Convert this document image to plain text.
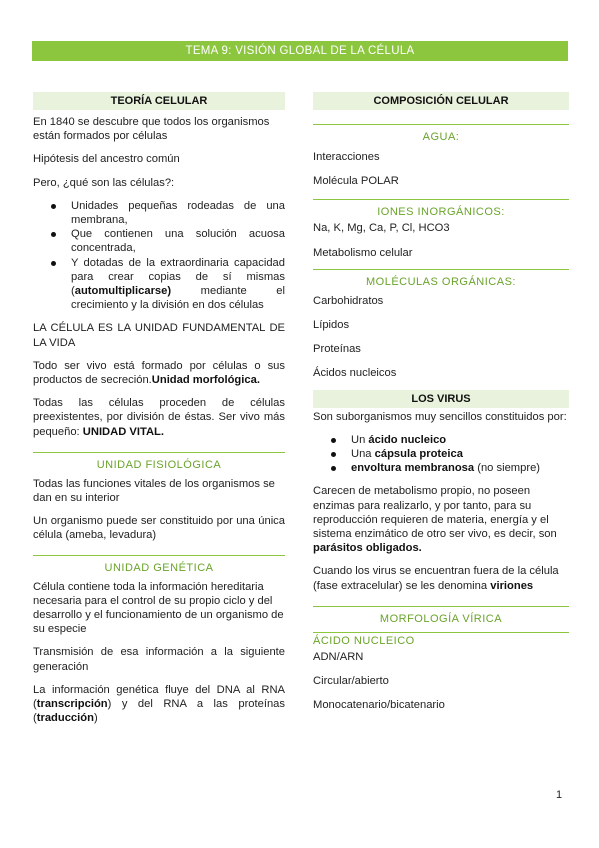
TEMA 9: VISIÓN GLOBAL DE LA CÉLULA
TEORÍA CELULAR

En 1840 se descubre que todos los organismos están formados por células

Hipótesis del ancestro común

Pero, ¿qué son las células?:

Unidades pequeñas rodeadas de una membrana,
Que contienen una solución acuosa concentrada,
Y dotadas de la extraordinaria capacidad para crear copias de sí mismas (automultiplicarse) mediante el crecimiento y la división en dos células

LA CÉLULA ES LA UNIDAD FUNDAMENTAL DE LA VIDA

Todo ser vivo está formado por células o sus productos de secreción.Unidad morfológica.

Todas las células proceden de células preexistentes, por división de éstas. Ser vivo más pequeño: UNIDAD VITAL.

UNIDAD FISIOLÓGICA

Todas las funciones vitales de los organismos se dan en su interior

Un organismo puede ser constituido por una única célula (ameba, levadura)

UNIDAD GENÉTICA

Célula contiene toda la información hereditaria necesaria para el control de su propio ciclo y del desarrollo y el funcionamiento de un organismo de su especie

Transmisión de esa información a la siguiente generación

La información genética fluye del DNA al RNA (transcripción) y del RNA a las proteínas (traducción)

COMPOSICIÓN CELULAR
AGUA:

Interacciones

Molécula POLAR

IONES INORGÁNICOS:

Na, K, Mg, Ca, P, Cl, HCO3

Metabolismo celular

MOLÉCULAS ORGÁNICAS:

Carbohidratos

Lípidos

Proteínas

Ácidos nucleicos

LOS VIRUS

Son suborganismos muy sencillos constituidos por:

Un ácido nucleico
Una cápsula proteica
envoltura membranosa (no siempre)

Carecen de metabolismo propio, no poseen enzimas para realizarlo, y por tanto, para su reproducción requieren de materia, energía y el sistema enzimático de otro ser vivo, es decir, son parásitos obligados.

Cuando los virus se encuentran fuera de la célula (fase extracelular) se les denomina viriones

MORFOLOGÍA VÍRICA
ÁCIDO NUCLEICO

ADN/ARN

Circular/abierto

Monocatenario/bicatenario

1
